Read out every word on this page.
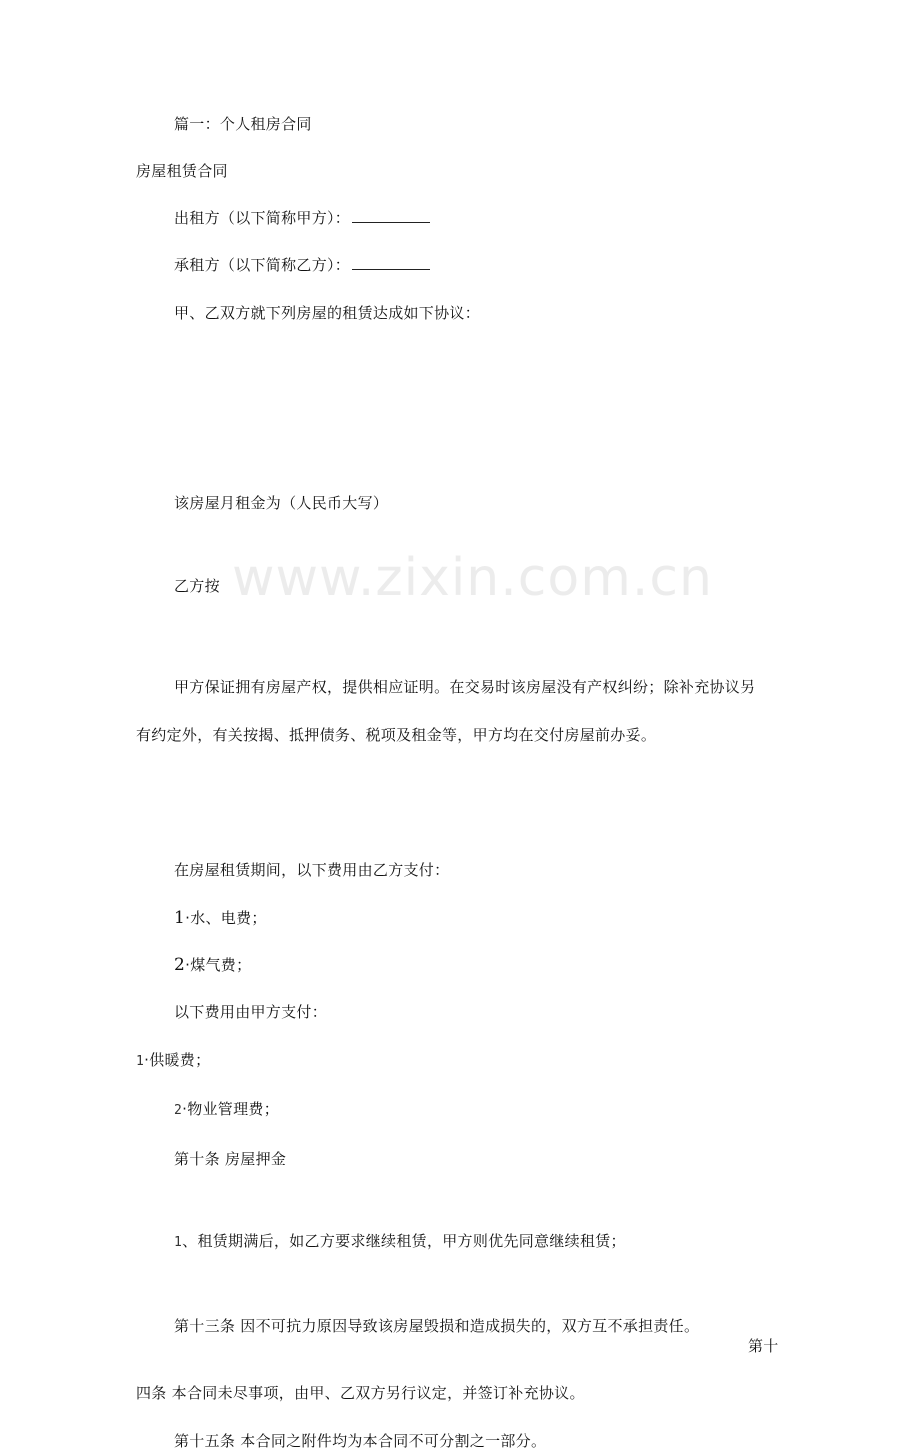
www.zixin.com.cn
篇一：个人租房合同
房屋租赁合同
出租方（以下简称甲方）：
承租方（以下简称乙方）：
甲、乙双方就下列房屋的租赁达成如下协议：
该房屋月租金为（人民币大写）
乙方按
甲方保证拥有房屋产权，提供相应证明。在交易时该房屋没有产权纠纷；除补充协议另
有约定外，有关按揭、抵押债务、税项及租金等，甲方均在交付房屋前办妥。
在房屋租赁期间，以下费用由乙方支付：
1·水、电费；
2·煤气费；
以下费用由甲方支付：
1·供暖费；
2·物业管理费；
第十条 房屋押金
1、租赁期满后，如乙方要求继续租赁，甲方则优先同意继续租赁；
第十三条 因不可抗力原因导致该房屋毁损和造成损失的，双方互不承担责任。
第十
四条 本合同未尽事项，由甲、乙双方另行议定，并签订补充协议。
第十五条 本合同之附件均为本合同不可分割之一部分。
